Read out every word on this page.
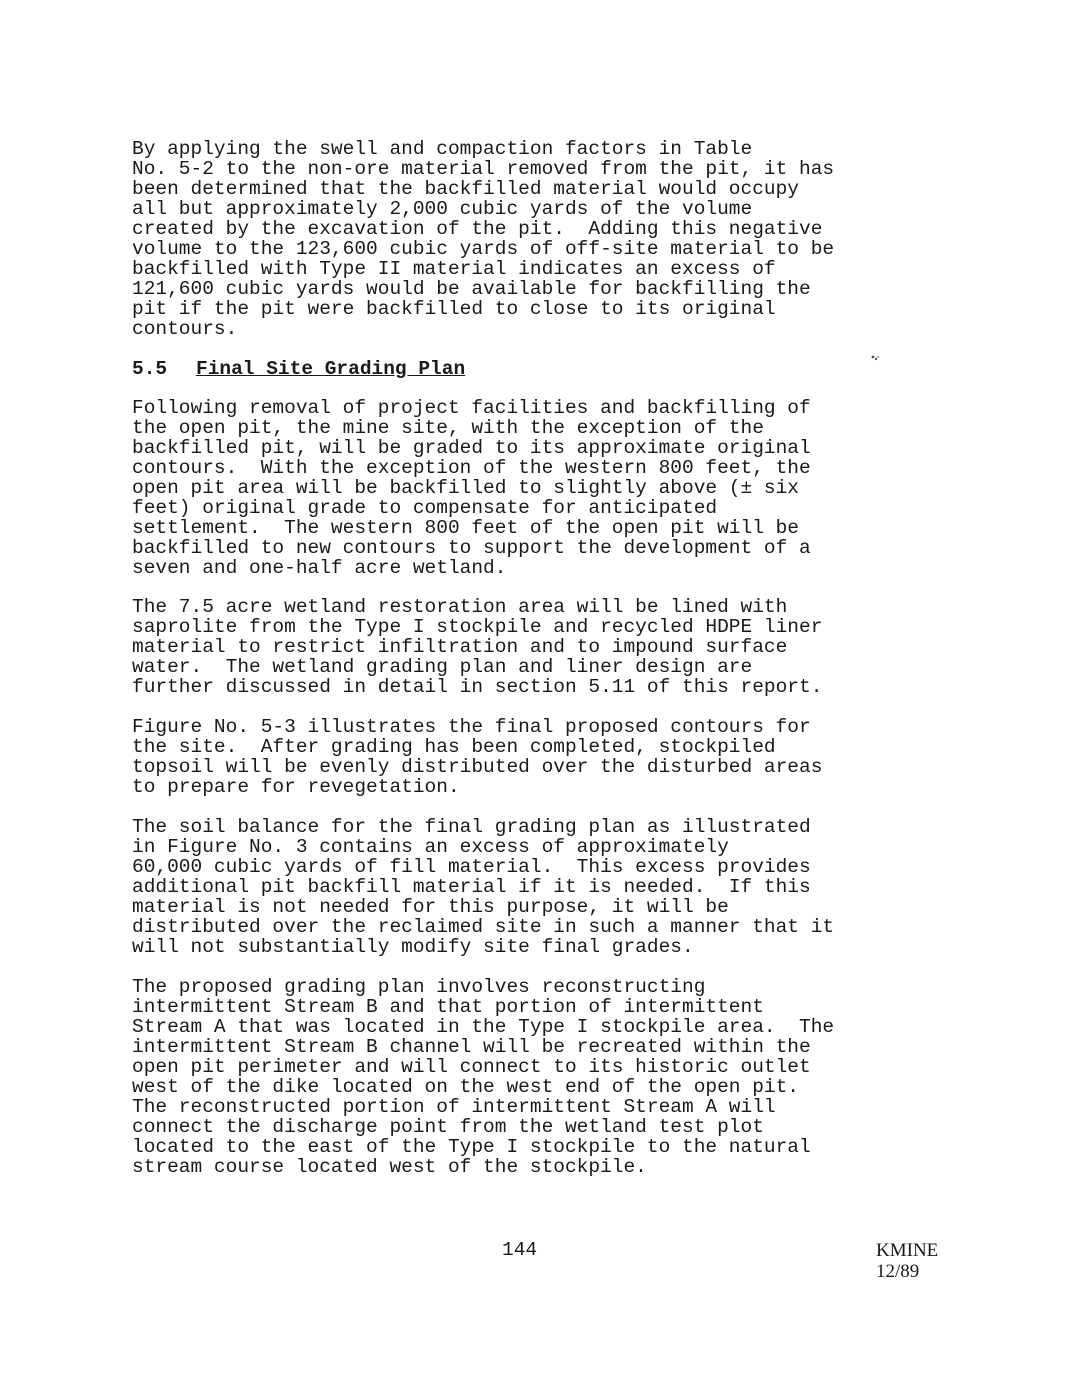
By applying the swell and compaction factors in Table
No. 5-2 to the non-ore material removed from the pit, it has
been determined that the backfilled material would occupy
all but approximately 2,000 cubic yards of the volume
created by the excavation of the pit.  Adding this negative
volume to the 123,600 cubic yards of off-site material to be
backfilled with Type II material indicates an excess of
121,600 cubic yards would be available for backfilling the
pit if the pit were backfilled to close to its original
contours.
5.5 Final Site Grading Plan
Following removal of project facilities and backfilling of
the open pit, the mine site, with the exception of the
backfilled pit, will be graded to its approximate original
contours.  With the exception of the western 800 feet, the
open pit area will be backfilled to slightly above (± six
feet) original grade to compensate for anticipated
settlement.  The western 800 feet of the open pit will be
backfilled to new contours to support the development of a
seven and one-half acre wetland.
The 7.5 acre wetland restoration area will be lined with
saprolite from the Type I stockpile and recycled HDPE liner
material to restrict infiltration and to impound surface
water.  The wetland grading plan and liner design are
further discussed in detail in section 5.11 of this report.
Figure No. 5-3 illustrates the final proposed contours for
the site.  After grading has been completed, stockpiled
topsoil will be evenly distributed over the disturbed areas
to prepare for revegetation.
The soil balance for the final grading plan as illustrated
in Figure No. 3 contains an excess of approximately
60,000 cubic yards of fill material.  This excess provides
additional pit backfill material if it is needed.  If this
material is not needed for this purpose, it will be
distributed over the reclaimed site in such a manner that it
will not substantially modify site final grades.
The proposed grading plan involves reconstructing
intermittent Stream B and that portion of intermittent
Stream A that was located in the Type I stockpile area.  The
intermittent Stream B channel will be recreated within the
open pit perimeter and will connect to its historic outlet
west of the dike located on the west end of the open pit.
The reconstructed portion of intermittent Stream A will
connect the discharge point from the wetland test plot
located to the east of the Type I stockpile to the natural
stream course located west of the stockpile.
144	KMINE
12/89
